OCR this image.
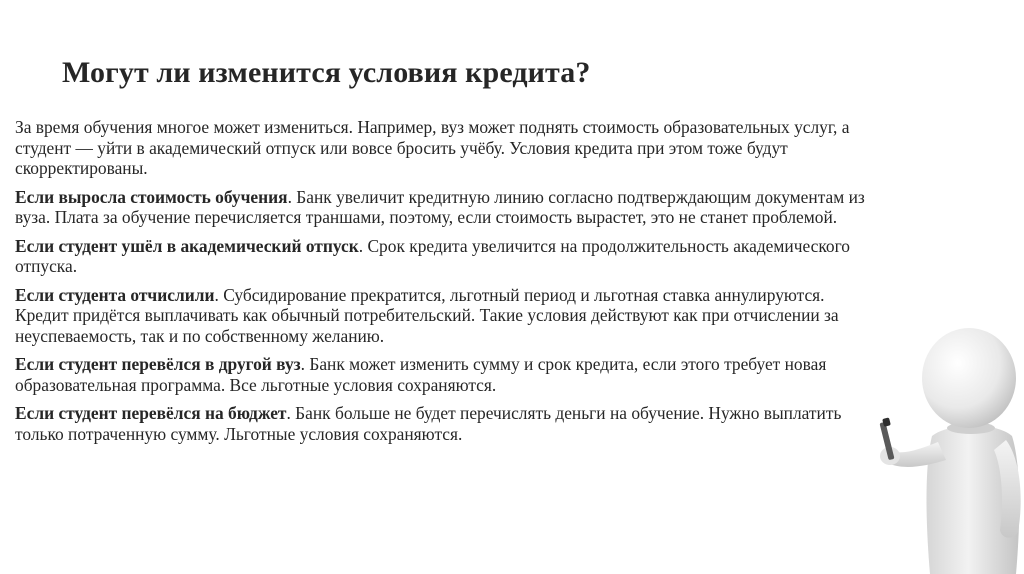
Могут ли изменится условия кредита?

За время обучения многое может измениться. Например, вуз может поднять стоимость образовательных услуг, а студент — уйти в академический отпуск или вовсе бросить учёбу. Условия кредита при этом тоже будут скорректированы.

Если выросла стоимость обучения. Банк увеличит кредитную линию согласно подтверждающим документам из вуза. Плата за обучение перечисляется траншами, поэтому, если стоимость вырастет, это не станет проблемой.

Если студент ушёл в академический отпуск. Срок кредита увеличится на продолжительность академического отпуска.

Если студента отчислили. Субсидирование прекратится, льготный период и льготная ставка аннулируются. Кредит придётся выплачивать как обычный потребительский. Такие условия действуют как при отчислении за неуспеваемость, так и по собственному желанию.

Если студент перевёлся в другой вуз. Банк может изменить сумму и срок кредита, если этого требует новая образовательная программа. Все льготные условия сохраняются.

Если студент перевёлся на бюджет. Банк больше не будет перечислять деньги на обучение. Нужно выплатить только потраченную сумму. Льготные условия сохраняются.
